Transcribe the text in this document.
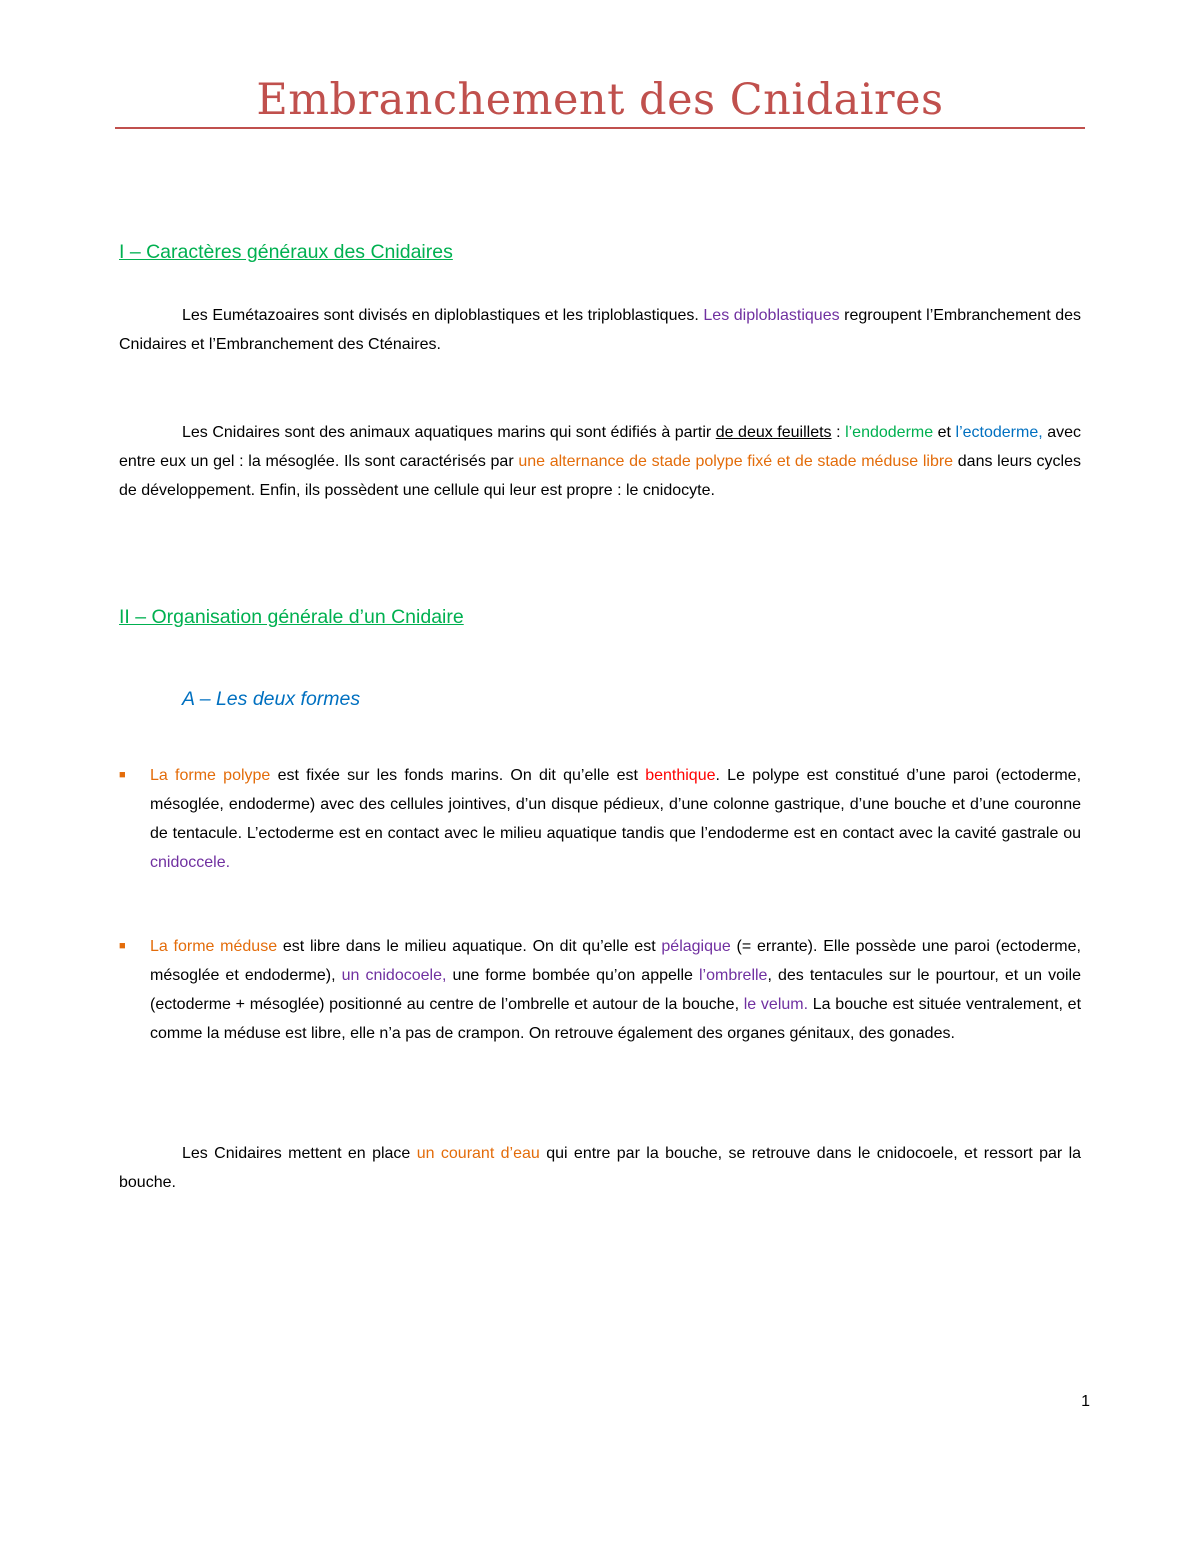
Embranchement des Cnidaires
I – Caractères généraux des Cnidaires

Les Eumétazoaires sont divisés en diploblastiques et les triploblastiques. Les diploblastiques regroupent l’Embranchement des Cnidaires et l’Embranchement des Cténaires.

Les Cnidaires sont des animaux aquatiques marins qui sont édifiés à partir de deux feuillets : l’endoderme et l’ectoderme, avec entre eux un gel : la mésoglée. Ils sont caractérisés par une alternance de stade polype fixé et de stade méduse libre dans leurs cycles de développement. Enfin, ils possèdent une cellule qui leur est propre : le cnidocyte.

II – Organisation générale d’un Cnidaire
A – Les deux formes
■	La forme polype est fixée sur les fonds marins. On dit qu’elle est benthique. Le polype est constitué d’une paroi (ectoderme, mésoglée, endoderme) avec des cellules jointives, d’un disque pédieux, d’une colonne gastrique, d’une bouche et d’une couronne de tentacule. L’ectoderme est en contact avec le milieu aquatique tandis que l’endoderme est en contact avec la cavité gastrale ou cnidoccele.
■	La forme méduse est libre dans le milieu aquatique. On dit qu’elle est pélagique (= errante). Elle possède une paroi (ectoderme, mésoglée et endoderme), un cnidocoele, une forme bombée qu’on appelle l’ombrelle, des tentacules sur le pourtour, et un voile (ectoderme + mésoglée) positionné au centre de l’ombrelle et autour de la bouche, le velum. La bouche est située ventralement, et comme la méduse est libre, elle n’a pas de crampon. On retrouve également des organes génitaux, des gonades.

Les Cnidaires mettent en place un courant d’eau qui entre par la bouche, se retrouve dans le cnidocoele, et ressort par la bouche.

1
